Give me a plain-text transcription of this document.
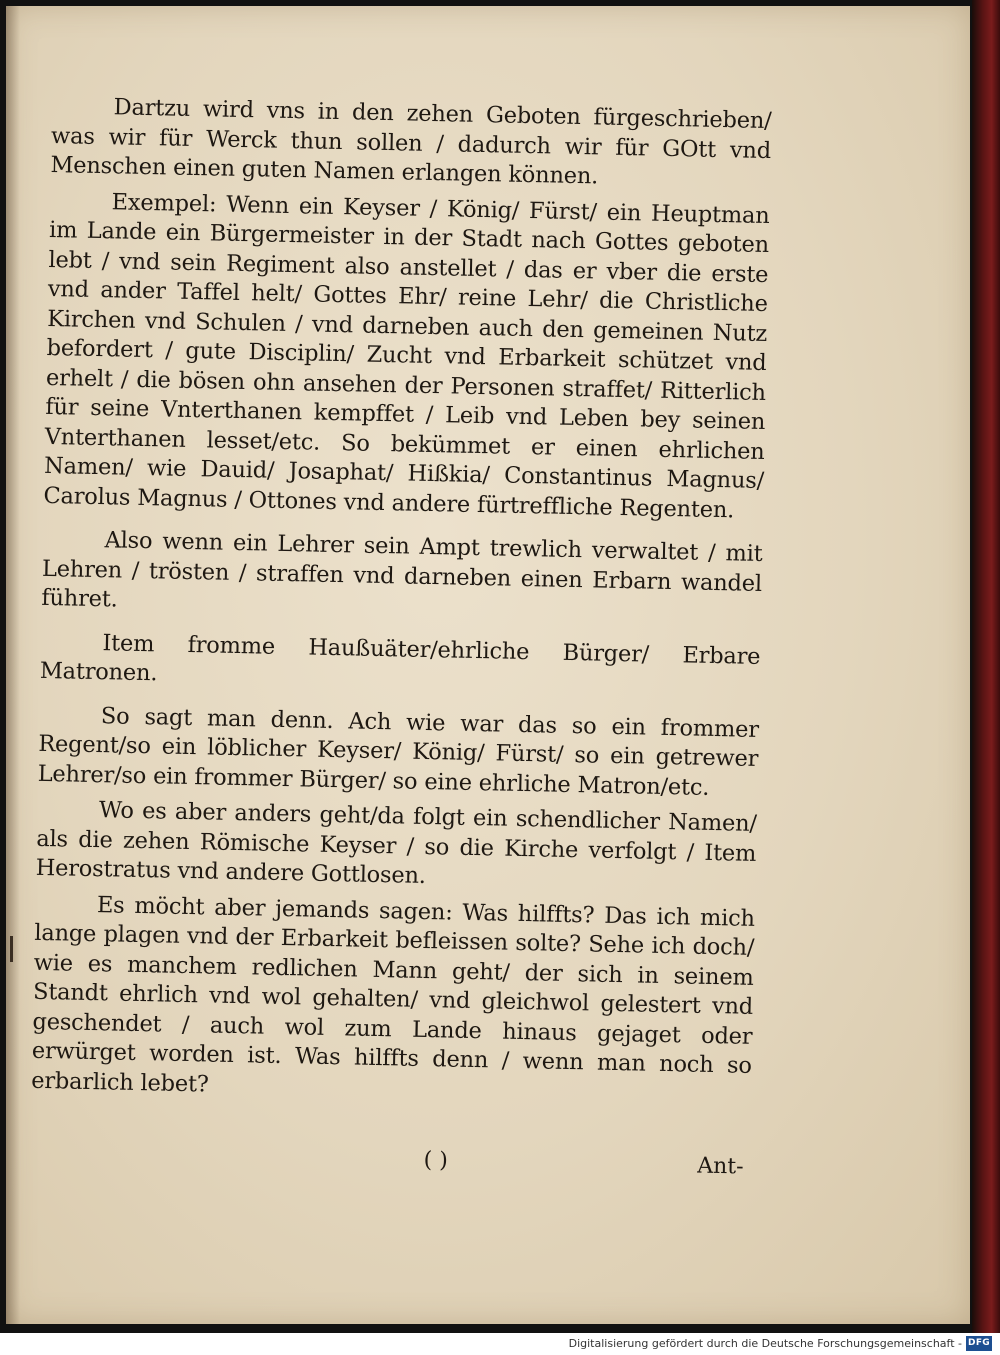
Dartzu wird vns in den zehen Geboten fürgeschrieben/ was wir für Werck thun sollen / dadurch wir für GOtt vnd Menschen einen guten Namen erlangen können.

Exempel: Wenn ein Keyser / König/ Fürst/ ein Heuptman im Lande ein Bürgermeister in der Stadt nach Gottes geboten lebt / vnd sein Regiment also anstellet / das er vber die erste vnd ander Taffel helt/ Gottes Ehr/ reine Lehr/ die Christliche Kirchen vnd Schulen / vnd darneben auch den gemeinen Nutz befordert / gute Disciplin/ Zucht vnd Erbarkeit schützet vnd erhelt / die bösen ohn ansehen der Personen straffet/ Ritterlich für seine Vnterthanen kempffet / Leib vnd Leben bey seinen Vnterthanen lesset/etc. So bekümmet er einen ehrlichen Namen/ wie Dauid/ Josaphat/ Hißkia/ Constantinus Magnus/ Carolus Magnus / Ottones vnd andere fürtreffliche Regenten.

Also wenn ein Lehrer sein Ampt trewlich verwaltet / mit Lehren / trösten / straffen vnd darneben einen Erbarn wandel führet.

Item fromme Haußuäter/ehrliche Bürger/ Erbare Matronen.

So sagt man denn. Ach wie war das so ein frommer Regent/so ein löblicher Keyser/ König/ Fürst/ so ein getrewer Lehrer/so ein frommer Bürger/ so eine ehrliche Matron/etc.

Wo es aber anders geht/da folgt ein schendlicher Namen/ als die zehen Römische Keyser / so die Kirche verfolgt / Item Herostratus vnd andere Gottlosen.

Es möcht aber jemands sagen: Was hilffts? Das ich mich lange plagen vnd der Erbarkeit befleissen solte? Sehe ich doch/ wie es manchem redlichen Mann geht/ der sich in seinem Standt ehrlich vnd wol gehalten/ vnd gleichwol gelestert vnd geschendet / auch wol zum Lande hinaus gejaget oder erwürget worden ist. Was hilffts denn / wenn man noch so erbarlich lebet?

( )	Ant-
Digitalisierung gefördert durch die Deutsche Forschungsgemeinschaft - DFG
